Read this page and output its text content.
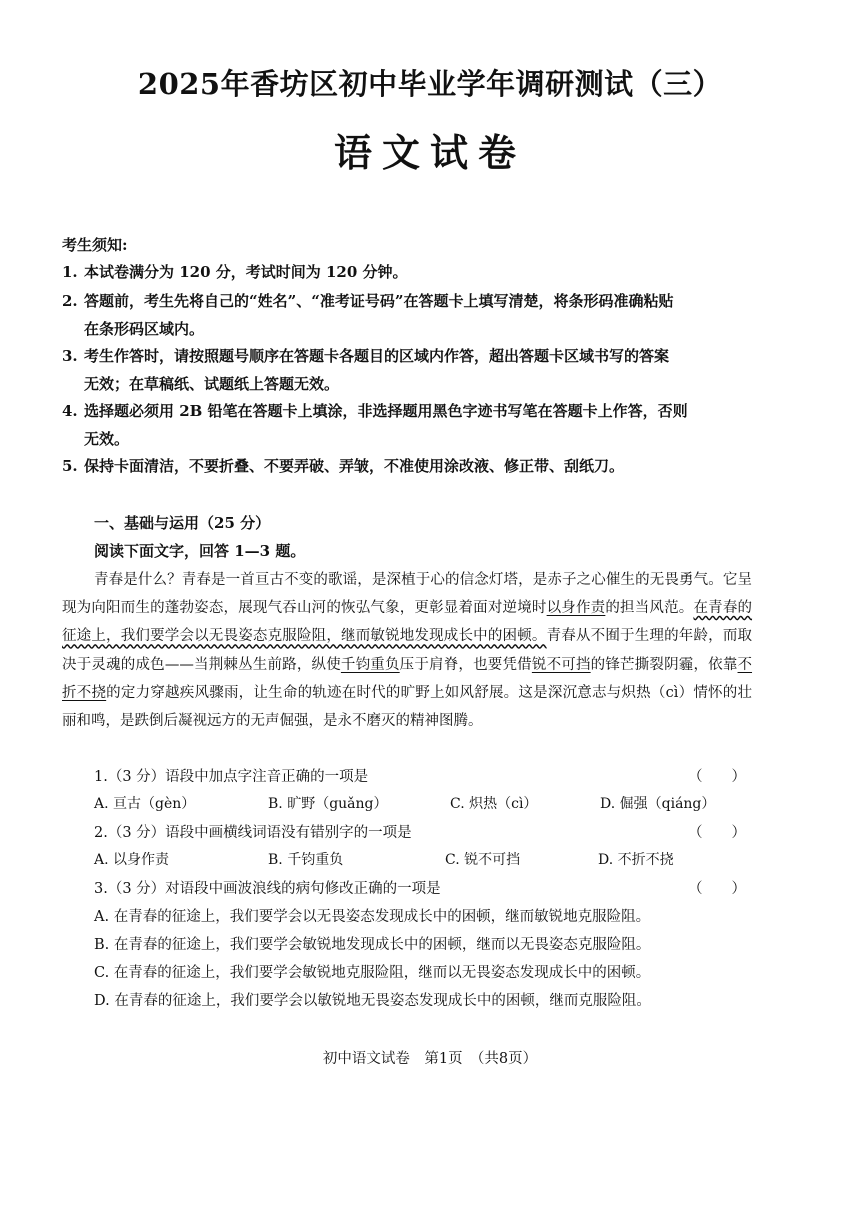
2025年香坊区初中毕业学年调研测试（三）
语文试卷
考生须知:
1. 本试卷满分为 120 分，考试时间为 120 分钟。
2. 答题前，考生先将自己的“姓名”、“准考证号码”在答题卡上填写清楚，将条形码准确粘贴
在条形码区域内。
3. 考生作答时，请按照题号顺序在答题卡各题目的区域内作答，超出答题卡区域书写的答案
无效；在草稿纸、试题纸上答题无效。
4. 选择题必须用 2B 铅笔在答题卡上填涂，非选择题用黑色字迹书写笔在答题卡上作答，否则
无效。
5. 保持卡面清洁，不要折叠、不要弄破、弄皱，不准使用涂改液、修正带、刮纸刀。
一、基础与运用（25 分）
阅读下面文字，回答 1—3 题。
青春是什么？青春是一首亘古不变的歌谣，是深植于心的信念灯塔，是赤子之心催生的无畏勇气。它呈现为向阳而生的蓬勃姿态，展现气吞山河的恢弘气象，更彰显着面对逆境时以身作责的担当风范。在青春的征途上，我们要学会以无畏姿态克服险阻，继而敏锐地发现成长中的困顿。青春从不囿于生理的年龄，而取决于灵魂的成色——当荆棘丛生前路，纵使千钧重负压于肩脊，也要凭借锐不可挡的锋芒撕裂阴霾，依靠不折不挠的定力穿越疾风骤雨，让生命的轨迹在时代的旷野上如风舒展。这是深沉意志与炽热（cì）情怀的壮丽和鸣，是跌倒后凝视远方的无声倔强，是永不磨灭的精神图腾。
1.（3 分）语段中加点字注音正确的一项是	（　　）
A. 亘古（gèn）	B. 旷野（guǎng）	C. 炽热（cì）	D. 倔强（qiáng）
2.（3 分）语段中画横线词语没有错别字的一项是	（　　）
A. 以身作责	B. 千钧重负	C. 锐不可挡	D. 不折不挠
3.（3 分）对语段中画波浪线的病句修改正确的一项是	（　　）
A. 在青春的征途上，我们要学会以无畏姿态发现成长中的困顿，继而敏锐地克服险阻。
B. 在青春的征途上，我们要学会敏锐地发现成长中的困顿，继而以无畏姿态克服险阻。
C. 在青春的征途上，我们要学会敏锐地克服险阻，继而以无畏姿态发现成长中的困顿。
D. 在青春的征途上，我们要学会以敏锐地无畏姿态发现成长中的困顿，继而克服险阻。
初中语文试卷　第1页　（共8页）
